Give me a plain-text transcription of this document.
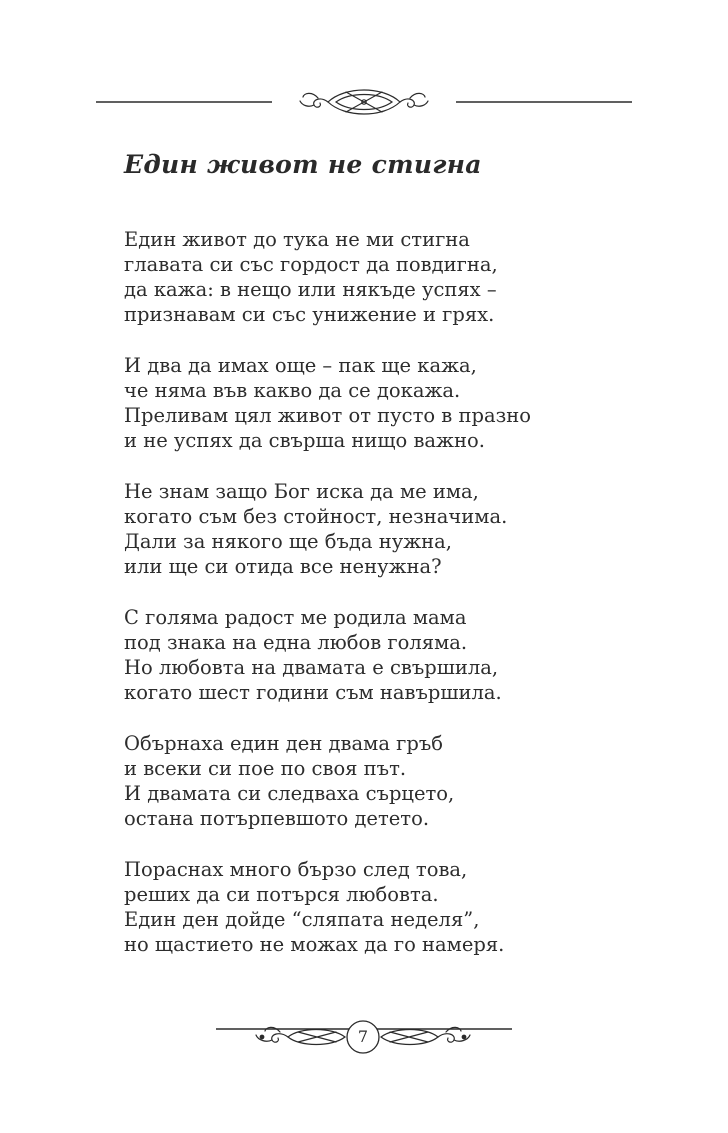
Един живот не стигна

Един живот до тука не ми стигна
главата си със гордост да повдигна,
да кажа: в нещо или някъде успях –
признавам си със унижение и грях.

И два да имах още – пак ще кажа,
че няма във какво да се докажа.
Преливам цял живот от пусто в празно
и не успях да свърша нищо важно.

Не знам защо Бог иска да ме има,
когато съм без стойност, незначима.
Дали за някого ще бъда нужна,
или ще си отида все ненужна?

С голяма радост ме родила мама
под знака на една любов голяма.
Но любовта на двамата е свършила,
когато шест години съм навършила.

Обърнаха един ден двама гръб
и всеки си пое по своя път.
И двамата си следваха сърцето,
остана потърпевшото детето.

Пораснах много бързо след това,
реших да си потърся любовта.
Един ден дойде “сляпата неделя”,
но щастието не можах да го намеря.

7
